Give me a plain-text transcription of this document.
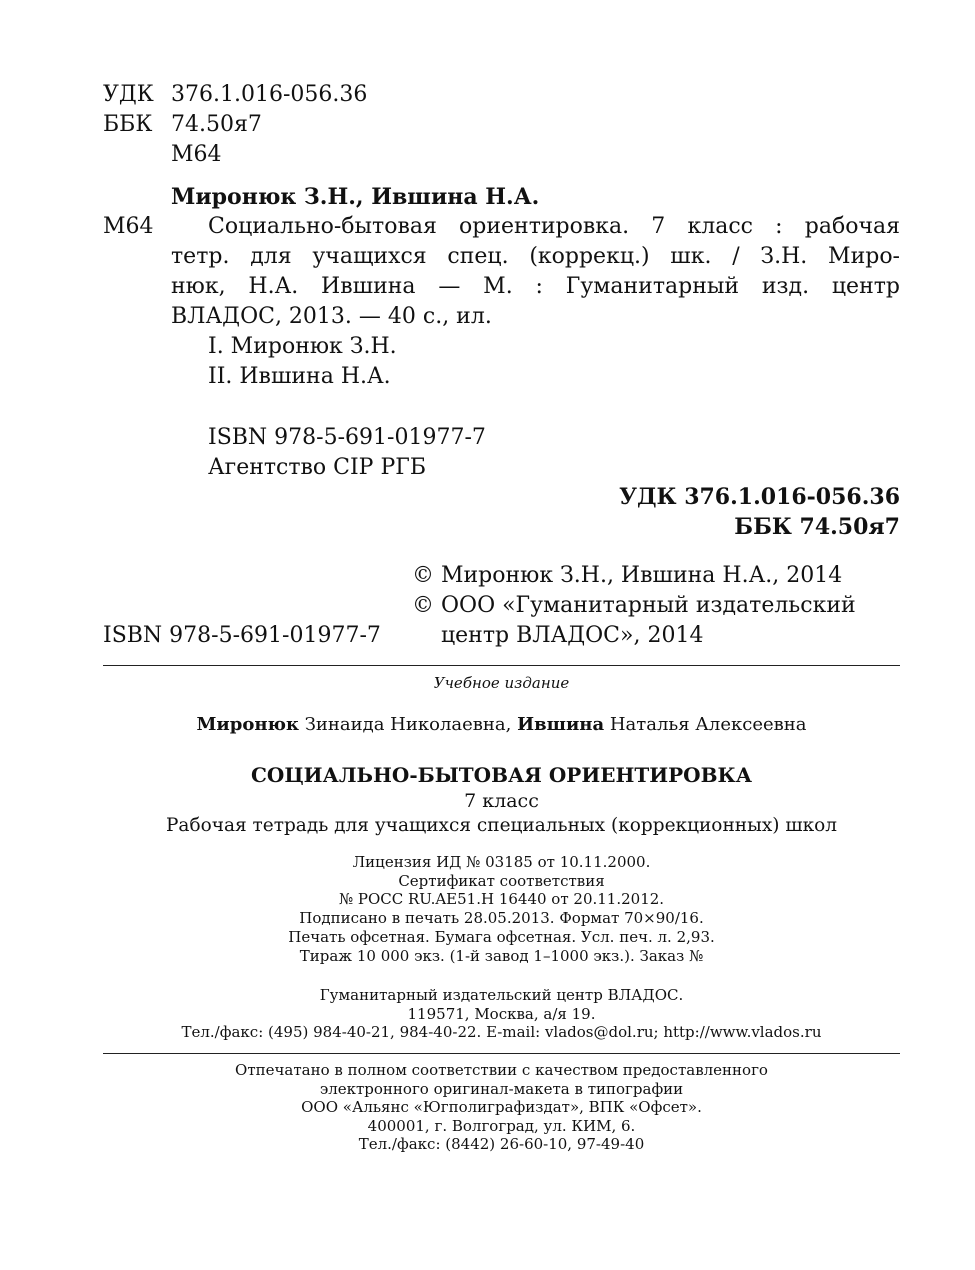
УДК 376.1.016-056.36
ББК 74.50я7
М64
Миронюк З.Н., Ившина Н.А.
М64 Социально-бытовая ориентировка. 7 класс : рабочая
тетр. для учащихся спец. (коррекц.) шк. / З.Н. Миро-
нюк, Н.А. Ившина — М. : Гуманитарный изд. центр
ВЛАДОС, 2013. — 40 с., ил.
I. Миронюк З.Н.
II. Ившина Н.А.
ISBN 978-5-691-01977-7
Агентство CIP РГБ
УДК 376.1.016-056.36
ББК 74.50я7
© Миронюк З.Н., Ившина Н.А., 2014
© ООО «Гуманитарный издательский
ISBN 978-5-691-01977-7	центр ВЛАДОС», 2014
Учебное издание
Миронюк Зинаида Николаевна, Ившина Наталья Алексеевна
СОЦИАЛЬНО-БЫТОВАЯ ОРИЕНТИРОВКА
7 класс
Рабочая тетрадь для учащихся специальных (коррекционных) школ
Лицензия ИД № 03185 от 10.11.2000.
Сертификат соответствия
№ РОСС RU.AE51.H 16440 от 20.11.2012.
Подписано в печать 28.05.2013. Формат 70×90/16.
Печать офсетная. Бумага офсетная. Усл. печ. л. 2,93.
Тираж 10 000 экз. (1-й завод 1–1000 экз.). Заказ №
Гуманитарный издательский центр ВЛАДОС.
119571, Москва, а/я 19.
Тел./факс: (495) 984-40-21, 984-40-22. E-mail: vlados@dol.ru; http://www.vlados.ru
Отпечатано в полном соответствии с качеством предоставленного
электронного оригинал-макета в типографии
ООО «Альянс «Югполиграфиздат», ВПК «Офсет».
400001, г. Волгоград, ул. КИМ, 6.
Тел./факс: (8442) 26-60-10, 97-49-40
